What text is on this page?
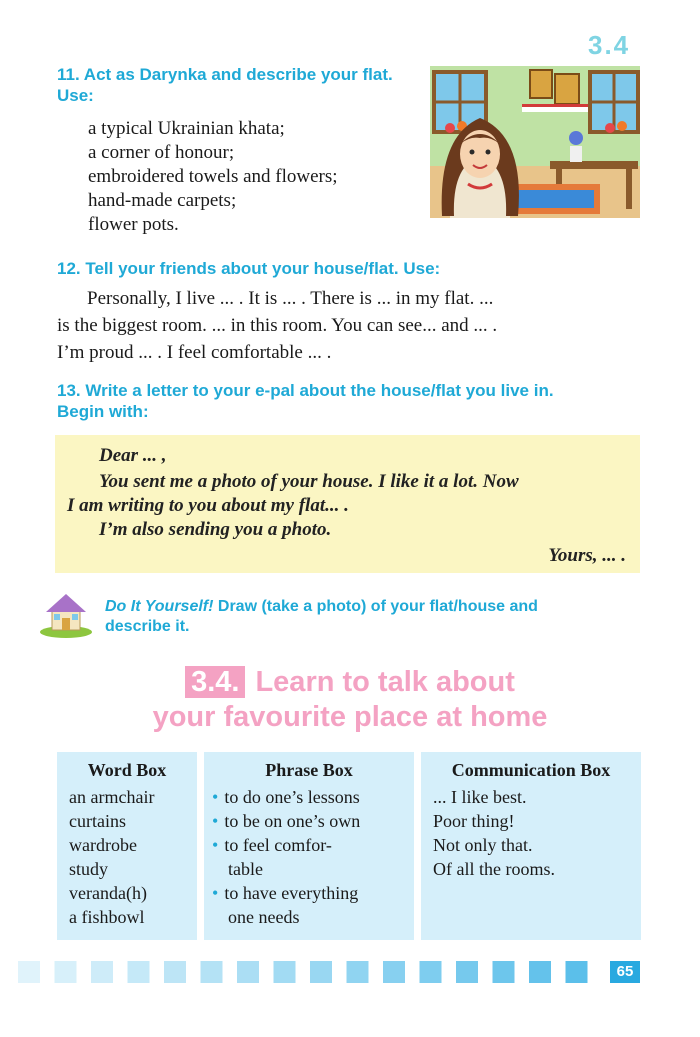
3.4
11. Act as Darynka and describe your flat. Use:
a typical Ukrainian khata;
a corner of honour;
embroidered towels and flowers;
hand-made carpets;
flower pots.
12. Tell your friends about your house/flat. Use:
Personally, I live ... . It is ... . There is ... in my flat. ...
is the biggest room. ... in this room. You can see... and ... .
I’m proud ... . I feel comfortable ... .
13. Write a letter to your e-pal about the house/flat you live in.
Begin with:
Dear ... ,
You sent me a photo of your house. I like it a lot. Now
I am writing to you about my flat... .
I’m also sending you a photo.
Yours, ... .
Do It Yourself! Draw (take a photo) of your flat/house and
describe it.
3.4. Learn to talk about
your favourite place at home
Word Box
an armchair
curtains
wardrobe
study
veranda(h)
a fishbowl
Phrase Box
• to do one’s lessons
• to be on one’s own
• to feel comfor-
table
• to have everything
one needs
Communication Box
... I like best.
Poor thing!
Not only that.
Of all the rooms.
65
